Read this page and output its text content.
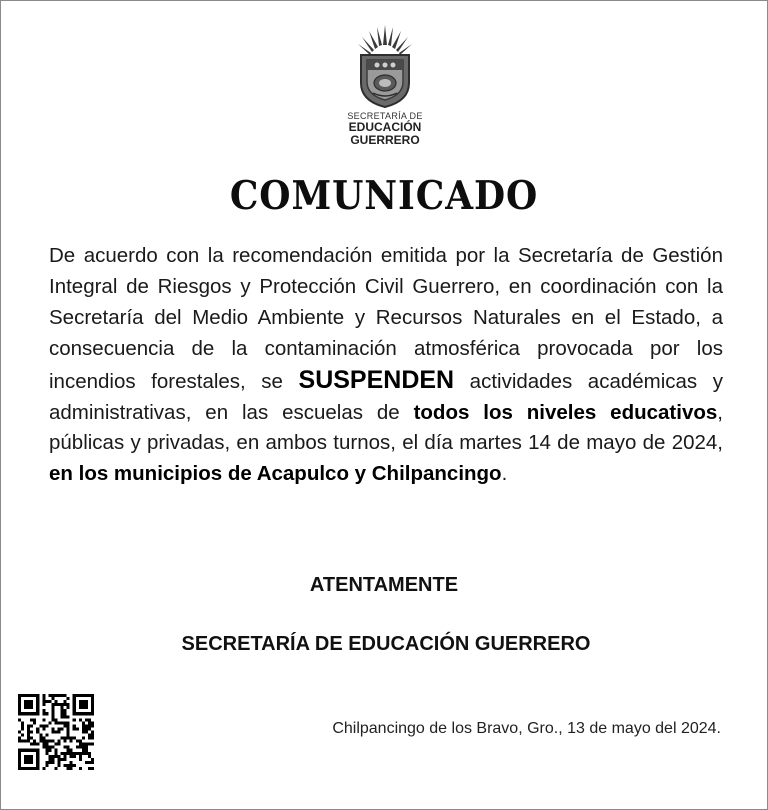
SECRETARÍA DE
EDUCACIÓN
GUERRERO
COMUNICADO
De acuerdo con la recomendación emitida por la Secretaría de Gestión Integral de Riesgos y Protección Civil Guerrero, en coordinación con la Secretaría del Medio Ambiente y Recursos Naturales en el Estado, a consecuencia de la contaminación atmosférica provocada por los incendios forestales, se SUSPENDEN actividades académicas y administrativas, en las escuelas de todos los niveles educativos, públicas y privadas, en ambos turnos, el día martes 14 de mayo de 2024, en los municipios de Acapulco y Chilpancingo.
ATENTAMENTE
SECRETARÍA DE EDUCACIÓN GUERRERO
Chilpancingo de los Bravo, Gro., 13 de mayo del 2024.
